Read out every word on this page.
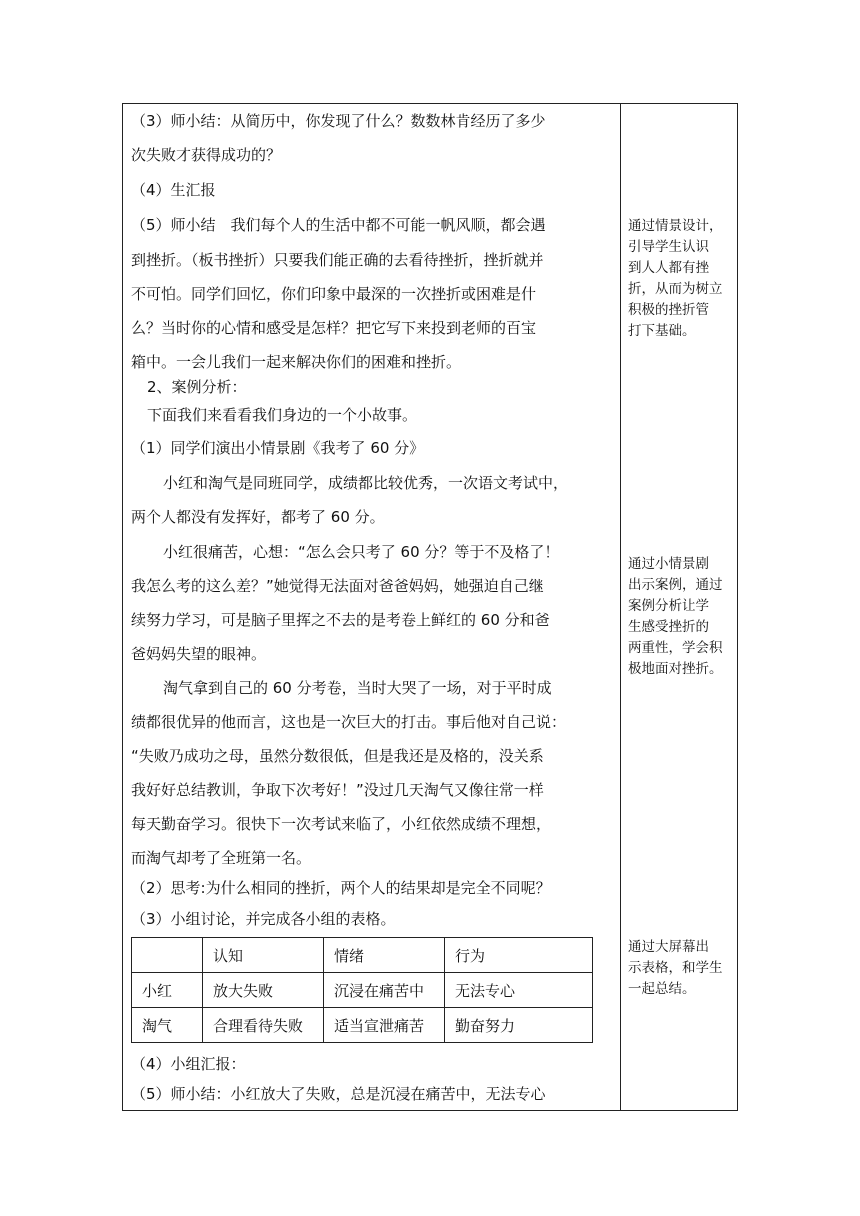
（3）师小结：从简历中，你发现了什么？数数林肯经历了多少
次失败才获得成功的？
（4）生汇报
（5）师小结　我们每个人的生活中都不可能一帆风顺，都会遇
到挫折。（板书挫折）只要我们能正确的去看待挫折，挫折就并
不可怕。同学们回忆，你们印象中最深的一次挫折或困难是什
么？当时你的心情和感受是怎样？把它写下来投到老师的百宝
箱中。一会儿我们一起来解决你们的困难和挫折。
2、案例分析：
下面我们来看看我们身边的一个小故事。
（1）同学们演出小情景剧《我考了 60 分》
小红和淘气是同班同学，成绩都比较优秀，一次语文考试中，
两个人都没有发挥好，都考了 60 分。
小红很痛苦，心想：“怎么会只考了 60 分？等于不及格了！
我怎么考的这么差？”她觉得无法面对爸爸妈妈，她强迫自己继
续努力学习，可是脑子里挥之不去的是考卷上鲜红的 60 分和爸
爸妈妈失望的眼神。
淘气拿到自己的 60 分考卷，当时大哭了一场，对于平时成
绩都很优异的他而言，这也是一次巨大的打击。事后他对自己说：
“失败乃成功之母，虽然分数很低，但是我还是及格的，没关系
我好好总结教训，争取下次考好！”没过几天淘气又像往常一样
每天勤奋学习。很快下一次考试来临了，小红依然成绩不理想，
而淘气却考了全班第一名。
（2）思考:为什么相同的挫折，两个人的结果却是完全不同呢？
（3）小组讨论，并完成各小组的表格。
	认知	情绪	行为
小红	放大失败	沉浸在痛苦中	无法专心
淘气	合理看待失败	适当宣泄痛苦	勤奋努力
（4）小组汇报：
（5）师小结：小红放大了失败，总是沉浸在痛苦中，无法专心
通过情景设计，
引导学生认识
到人人都有挫
折，从而为树立
积极的挫折管
打下基础。
通过小情景剧
出示案例，通过
案例分析让学
生感受挫折的
两重性，学会积
极地面对挫折。
通过大屏幕出
示表格，和学生
一起总结。
